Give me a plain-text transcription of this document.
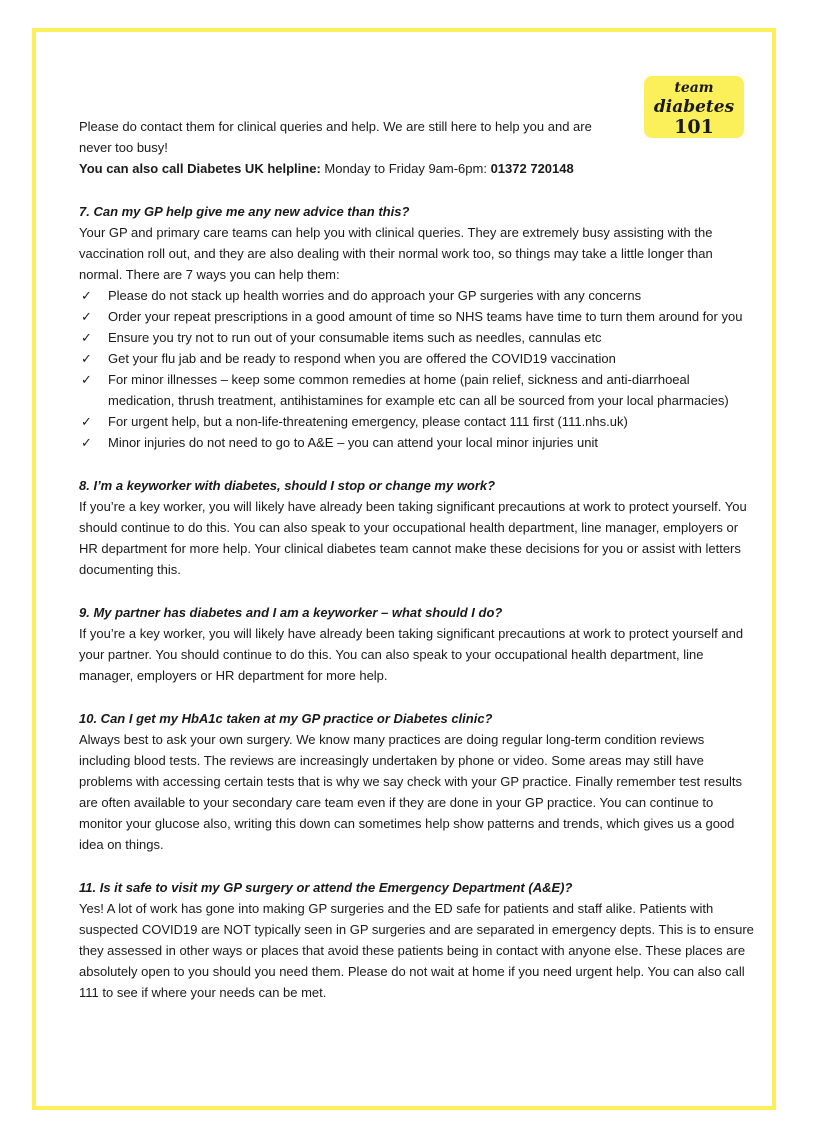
team
diabetes
101

Please do contact them for clinical queries and help. We are still here to help you and are never too busy!

You can also call Diabetes UK helpline: Monday to Friday 9am-6pm: 01372 720148

7. Can my GP help give me any new advice than this?

Your GP and primary care teams can help you with clinical queries. They are extremely busy assisting with the vaccination roll out, and they are also dealing with their normal work too, so things may take a little longer than normal. There are 7 ways you can help them:

✓ Please do not stack up health worries and do approach your GP surgeries with any concerns
✓ Order your repeat prescriptions in a good amount of time so NHS teams have time to turn them around for you
✓ Ensure you try not to run out of your consumable items such as needles, cannulas etc
✓ Get your flu jab and be ready to respond when you are offered the COVID19 vaccination
✓ For minor illnesses – keep some common remedies at home (pain relief, sickness and anti-diarrhoeal medication, thrush treatment, antihistamines for example etc can all be sourced from your local pharmacies)
✓ For urgent help, but a non-life-threatening emergency, please contact 111 first (111.nhs.uk)
✓ Minor injuries do not need to go to A&E – you can attend your local minor injuries unit

8. I’m a keyworker with diabetes, should I stop or change my work?

If you’re a key worker, you will likely have already been taking significant precautions at work to protect yourself. You should continue to do this. You can also speak to your occupational health department, line manager, employers or HR department for more help. Your clinical diabetes team cannot make these decisions for you or assist with letters documenting this.

9. My partner has diabetes and I am a keyworker – what should I do?

If you’re a key worker, you will likely have already been taking significant precautions at work to protect yourself and your partner. You should continue to do this. You can also speak to your occupational health department, line manager, employers or HR department for more help.

10. Can I get my HbA1c taken at my GP practice or Diabetes clinic?

Always best to ask your own surgery. We know many practices are doing regular long-term condition reviews including blood tests. The reviews are increasingly undertaken by phone or video. Some areas may still have problems with accessing certain tests that is why we say check with your GP practice. Finally remember test results are often available to your secondary care team even if they are done in your GP practice. You can continue to monitor your glucose also, writing this down can sometimes help show patterns and trends, which gives us a good idea on things.

11. Is it safe to visit my GP surgery or attend the Emergency Department (A&E)?

Yes! A lot of work has gone into making GP surgeries and the ED safe for patients and staff alike. Patients with suspected COVID19 are NOT typically seen in GP surgeries and are separated in emergency depts. This is to ensure they assessed in other ways or places that avoid these patients being in contact with anyone else. These places are absolutely open to you should you need them. Please do not wait at home if you need urgent help. You can also call 111 to see if where your needs can be met.
